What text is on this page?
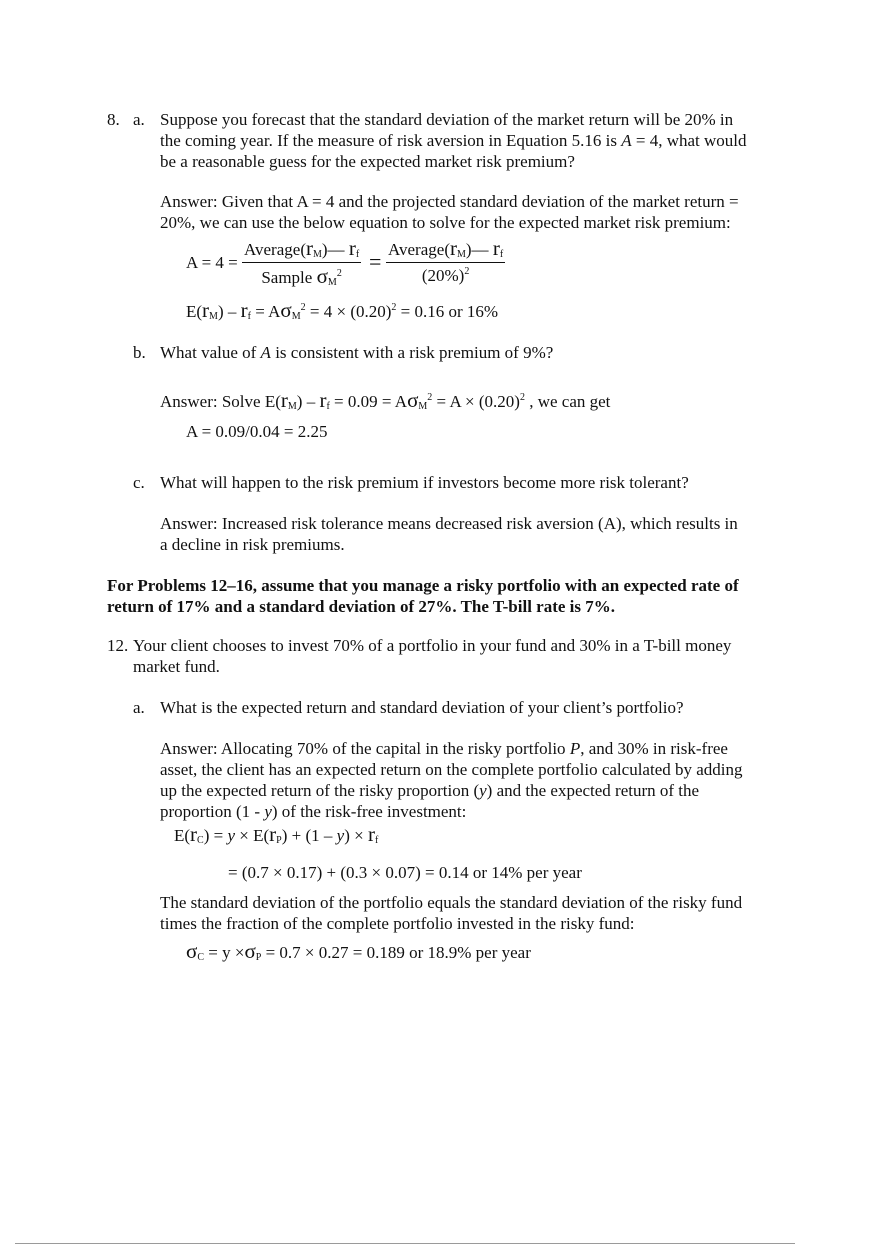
8. a. Suppose you forecast that the standard deviation of the market return will be 20% in
the coming year. If the measure of risk aversion in Equation 5.16 is A = 4, what would
be a reasonable guess for the expected market risk premium?
Answer: Given that A = 4 and the projected standard deviation of the market return =
20%, we can use the below equation to solve for the expected market risk premium:
A = 4 =
$Average(r_M)—$ $r_f$
Sample $\sigma_M^2$	= $Average(r_M)—$ $r_f$
$(20\%)^2$
$E(r_M) - r_f = A\sigma_M^2 = 4 \times (0.20)^2 = 0.16$ or 16%
b. What value of A is consistent with a risk premium of 9%?
Answer: Solve $E(r_M) - r_f = 0.09 = A\sigma_M^2 = A \times (0.20)^2$ , we can get
A = 0.09/0.04 = 2.25
c. What will happen to the risk premium if investors become more risk tolerant?
Answer: Increased risk tolerance means decreased risk aversion (A), which results in
a decline in risk premiums.
For Problems 12–16, assume that you manage a risky portfolio with an expected rate of
return of 17% and a standard deviation of 27%. The T-bill rate is 7%.
12. Your client chooses to invest 70% of a portfolio in your fund and 30% in a T-bill money
market fund.
a. What is the expected return and standard deviation of your client’s portfolio?
Answer: Allocating 70% of the capital in the risky portfolio P, and 30% in risk-free
asset, the client has an expected return on the complete portfolio calculated by adding
up the expected return of the risky proportion (y) and the expected return of the
proportion (1 - y) of the risk-free investment:
$E(r_C) = y \times E(r_P) + (1 - y) \times r_f$
= (0.7 × 0.17) + (0.3 × 0.07) = 0.14 or 14% per year
The standard deviation of the portfolio equals the standard deviation of the risky fund
times the fraction of the complete portfolio invested in the risky fund:
$\sigma_C = y \times\sigma_P = 0.7 \times 0.27 = 0.189$ or 18.9% per year
